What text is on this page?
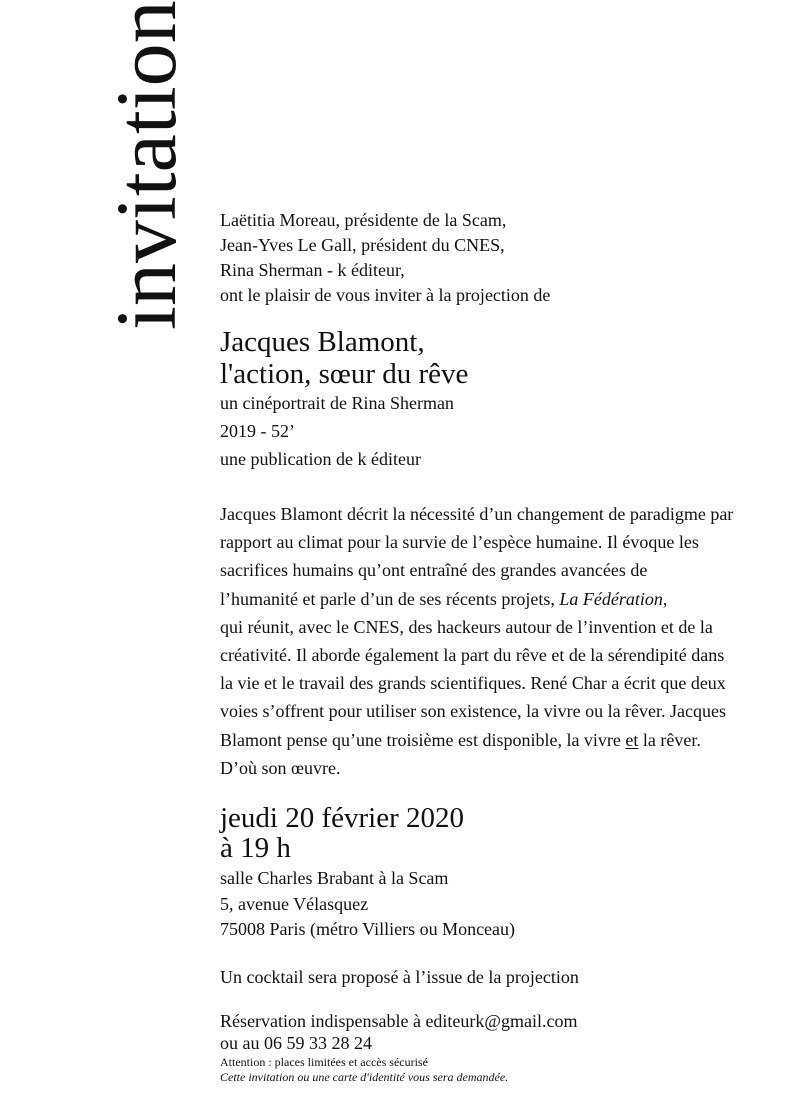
invitation Laëtitia Moreau, présidente de la Scam,
Jean-Yves Le Gall, président du CNES,
Rina Sherman - k éditeur,
ont le plaisir de vous inviter à la projection de
Jacques Blamont,
l'action, sœur du rêve
un cinéportrait de Rina Sherman
2019 - 52’
une publication de k éditeur
Jacques Blamont décrit la nécessité d’un changement de paradigme par
rapport au climat pour la survie de l’espèce humaine. Il évoque les
sacrifices humains qu’ont entraîné des grandes avancées de
l’humanité et parle d’un de ses récents projets, La Fédération,
qui réunit, avec le CNES, des hackeurs autour de l’invention et de la
créativité. Il aborde également la part du rêve et de la sérendipité dans
la vie et le travail des grands scientifiques. René Char a écrit que deux
voies s’offrent pour utiliser son existence, la vivre ou la rêver. Jacques
Blamont pense qu’une troisième est disponible, la vivre et la rêver.
D’où son œuvre.
jeudi 20 février 2020
à 19 h
salle Charles Brabant à la Scam
5, avenue Vélasquez
75008 Paris (métro Villiers ou Monceau)
Un cocktail sera proposé à l’issue de la projection
Réservation indispensable à editeurk@gmail.com
ou au 06 59 33 28 24
Attention : places limitées et accès sécurisé
Cette invitation ou une carte d'identité vous sera demandée.
